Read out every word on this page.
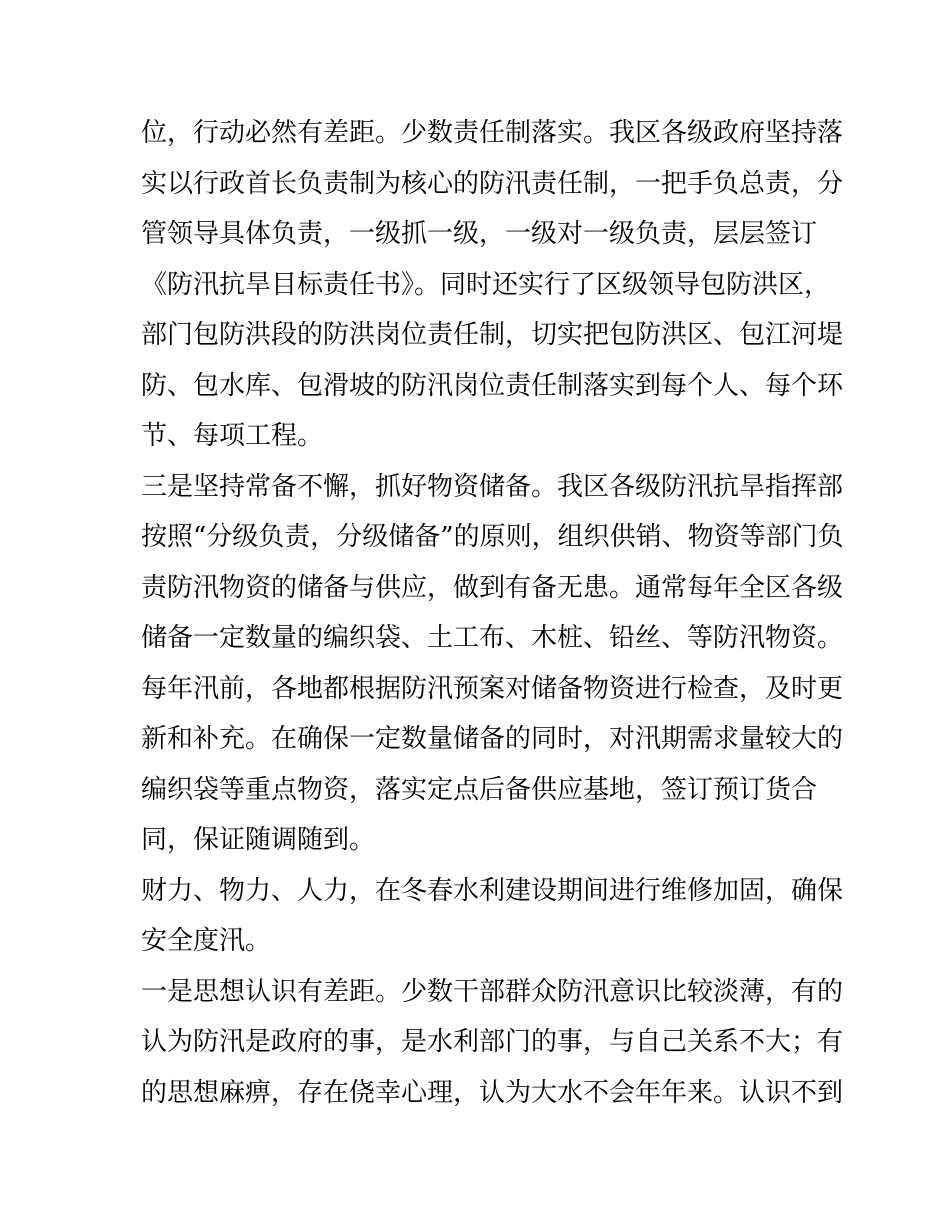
位，行动必然有差距。少数责任制落实。我区各级政府坚持落
实以行政首长负责制为核心的防汛责任制，一把手负总责，分
管领导具体负责，一级抓一级，一级对一级负责，层层签订
《防汛抗旱目标责任书》。同时还实行了区级领导包防洪区，
部门包防洪段的防洪岗位责任制，切实把包防洪区、包江河堤
防、包水库、包滑坡的防汛岗位责任制落实到每个人、每个环
节、每项工程。
三是坚持常备不懈，抓好物资储备。我区各级防汛抗旱指挥部
按照“分级负责，分级储备”的原则，组织供销、物资等部门负
责防汛物资的储备与供应，做到有备无患。通常每年全区各级
储备一定数量的编织袋、土工布、木桩、铅丝、等防汛物资。
每年汛前，各地都根据防汛预案对储备物资进行检查，及时更
新和补充。在确保一定数量储备的同时，对汛期需求量较大的
编织袋等重点物资，落实定点后备供应基地，签订预订货合
同，保证随调随到。
财力、物力、人力，在冬春水利建设期间进行维修加固，确保
安全度汛。
一是思想认识有差距。少数干部群众防汛意识比较淡薄，有的
认为防汛是政府的事，是水利部门的事，与自己关系不大；有
的思想麻痹，存在侥幸心理，认为大水不会年年来。认识不到
